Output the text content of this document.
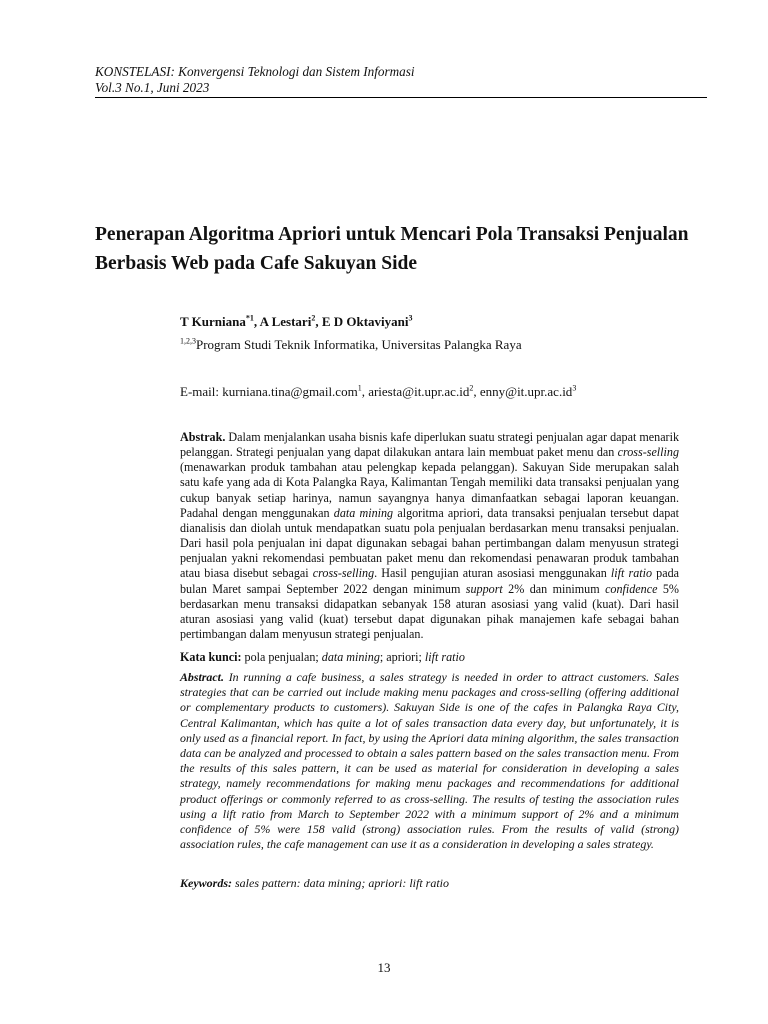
KONSTELASI: Konvergensi Teknologi dan Sistem Informasi
Vol.3 No.1, Juni 2023
Penerapan Algoritma Apriori untuk Mencari Pola Transaksi Penjualan Berbasis Web pada Cafe Sakuyan Side
T Kurniana$^{*1}$, A Lestari$^2$, E D Oktaviyani$^3$
$^{1,2,3}$Program Studi Teknik Informatika, Universitas Palangka Raya
E-mail: kurniana.tina@gmail.com$^1$, $ariesta@it.upr.ac.id^2$, $enny@it.upr.ac.id^3$

Abstrak. Dalam menjalankan usaha bisnis kafe diperlukan suatu strategi penjualan agar dapat menarik pelanggan. Strategi penjualan yang dapat dilakukan antara lain membuat paket menu dan cross-selling (menawarkan produk tambahan atau pelengkap kepada pelanggan). Sakuyan Side merupakan salah satu kafe yang ada di Kota Palangka Raya, Kalimantan Tengah memiliki data transaksi penjualan yang cukup banyak setiap harinya, namun sayangnya hanya dimanfaatkan sebagai laporan keuangan. Padahal dengan menggunakan data mining algoritma apriori, data transaksi penjualan tersebut dapat dianalisis dan diolah untuk mendapatkan suatu pola penjualan berdasarkan menu transaksi penjualan. Dari hasil pola penjualan ini dapat digunakan sebagai bahan pertimbangan dalam menyusun strategi penjualan yakni rekomendasi pembuatan paket menu dan rekomendasi penawaran produk tambahan atau biasa disebut sebagai cross-selling. Hasil pengujian aturan asosiasi menggunakan lift ratio pada bulan Maret sampai September 2022 dengan minimum support 2% dan minimum confidence 5% berdasarkan menu transaksi didapatkan sebanyak 158 aturan asosiasi yang valid (kuat). Dari hasil aturan asosiasi yang valid (kuat) tersebut dapat digunakan pihak manajemen kafe sebagai bahan pertimbangan dalam menyusun strategi penjualan.

Kata kunci: pola penjualan; data mining; apriori; lift ratio

Abstract. In running a cafe business, a sales strategy is needed in order to attract customers. Sales strategies that can be carried out include making menu packages and cross-selling (offering additional or complementary products to customers). Sakuyan Side is one of the cafes in Palangka Raya City, Central Kalimantan, which has quite a lot of sales transaction data every day, but unfortunately, it is only used as a financial report. In fact, by using the Apriori data mining algorithm, the sales transaction data can be analyzed and processed to obtain a sales pattern based on the sales transaction menu. From the results of this sales pattern, it can be used as material for consideration in developing a sales strategy, namely recommendations for making menu packages and recommendations for additional product offerings or commonly referred to as cross-selling. The results of testing the association rules using a lift ratio from March to September 2022 with a minimum support of 2% and a minimum confidence of 5% were 158 valid (strong) association rules. From the results of valid (strong) association rules, the cafe management can use it as a consideration in developing a sales strategy.

Keywords: sales pattern: data mining; apriori: lift ratio

13
